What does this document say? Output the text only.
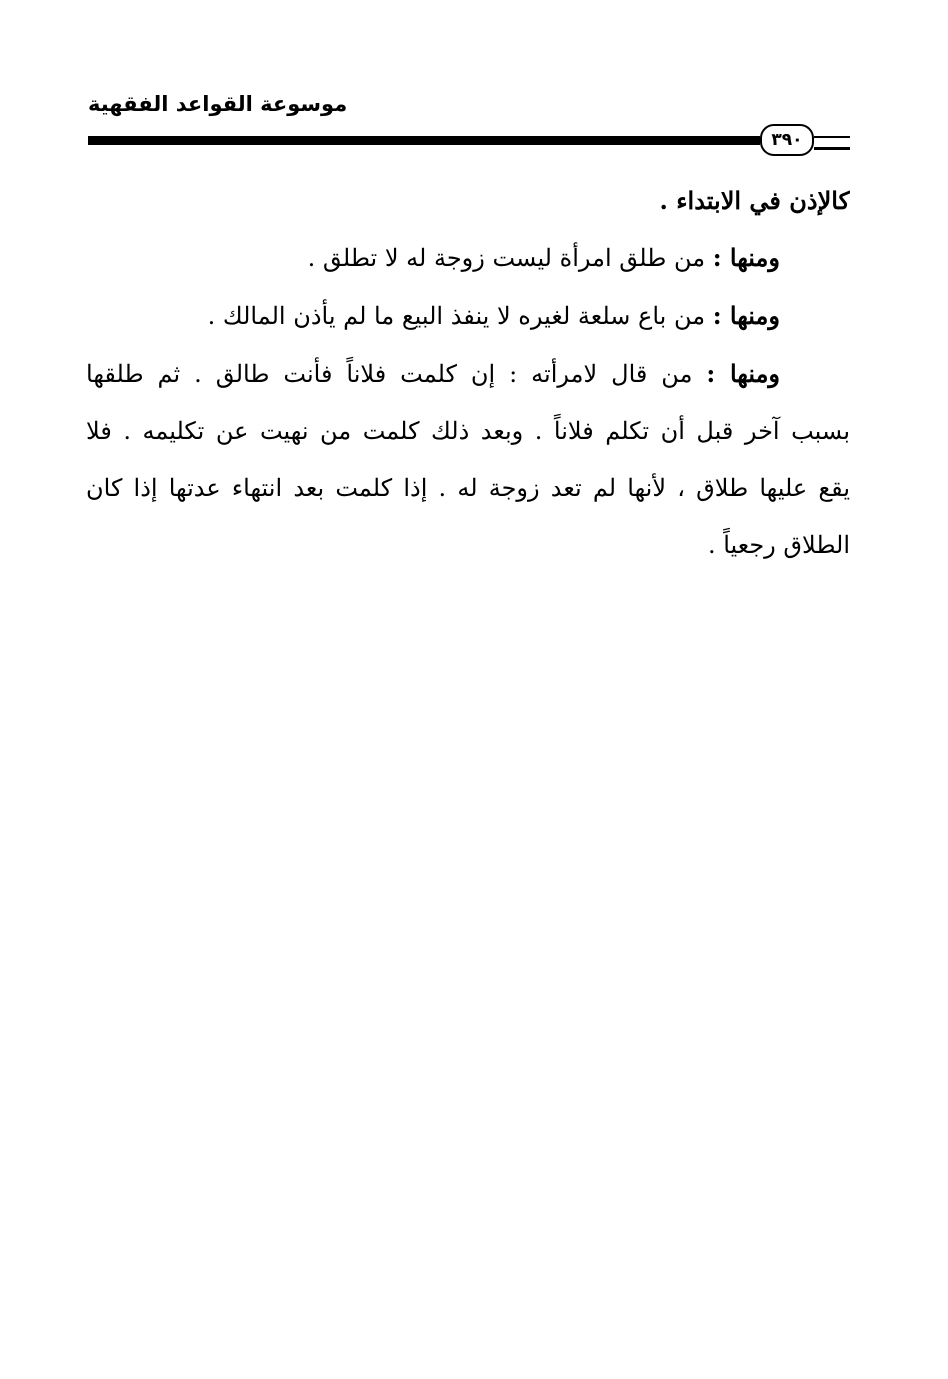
موسوعة القواعد الفقهية
٣٩٠
كالإذن في الابتداء .
ومنها : من طلق امرأة ليست زوجة له لا تطلق .
ومنها : من باع سلعة لغيره لا ينفذ البيع ما لم يأذن المالك .
ومنها : من قال لامرأته : إن كلمت فلاناً فأنت طالق . ثم طلقها
بسبب آخر قبل أن تكلم فلاناً . وبعد ذلك كلمت من نهيت عن تكليمه . فلا
يقع عليها طلاق ، لأنها لم تعد زوجة له . إذا كلمت بعد انتهاء عدتها إذا كان
الطلاق رجعياً .
